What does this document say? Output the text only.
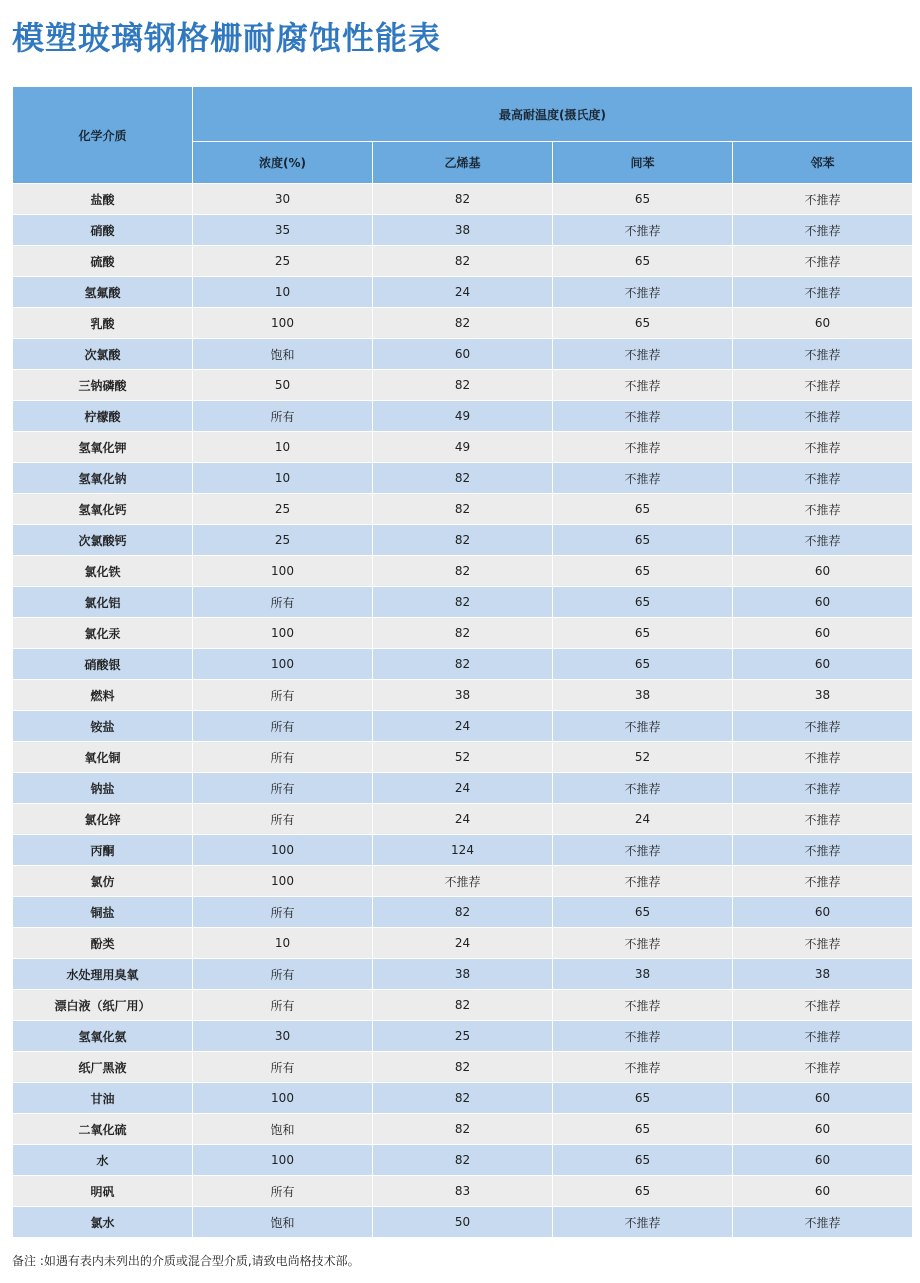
模塑玻璃钢格栅耐腐蚀性能表
化学介质	最高耐温度(摄氏度)			
	浓度(%)	乙烯基	间苯	邻苯
盐酸	30	82	65	不推荐
硝酸	35	38	不推荐	不推荐
硫酸	25	82	65	不推荐
氢氟酸	10	24	不推荐	不推荐
乳酸	100	82	65	60
次氯酸	饱和	60	不推荐	不推荐
三钠磷酸	50	82	不推荐	不推荐
柠檬酸	所有	49	不推荐	不推荐
氢氧化钾	10	49	不推荐	不推荐
氢氧化钠	10	82	不推荐	不推荐
氢氧化钙	25	82	65	不推荐
次氯酸钙	25	82	65	不推荐
氯化铁	100	82	65	60
氯化铝	所有	82	65	60
氯化汞	100	82	65	60
硝酸银	100	82	65	60
燃料	所有	38	38	38
铵盐	所有	24	不推荐	不推荐
氧化铜	所有	52	52	不推荐
钠盐	所有	24	不推荐	不推荐
氯化锌	所有	24	24	不推荐
丙酮	100	124	不推荐	不推荐
氯仿	100	不推荐	不推荐	不推荐
铜盐	所有	82	65	60
酚类	10	24	不推荐	不推荐
水处理用臭氧	所有	38	38	38
漂白液（纸厂用）	所有	82	不推荐	不推荐
氢氧化氨	30	25	不推荐	不推荐
纸厂黑液	所有	82	不推荐	不推荐
甘油	100	82	65	60
二氧化硫	饱和	82	65	60
水	100	82	65	60
明矾	所有	83	65	60
氯水	饱和	50	不推荐	不推荐

备注 :如遇有表内未列出的介质或混合型介质,请致电尚格技术部。
